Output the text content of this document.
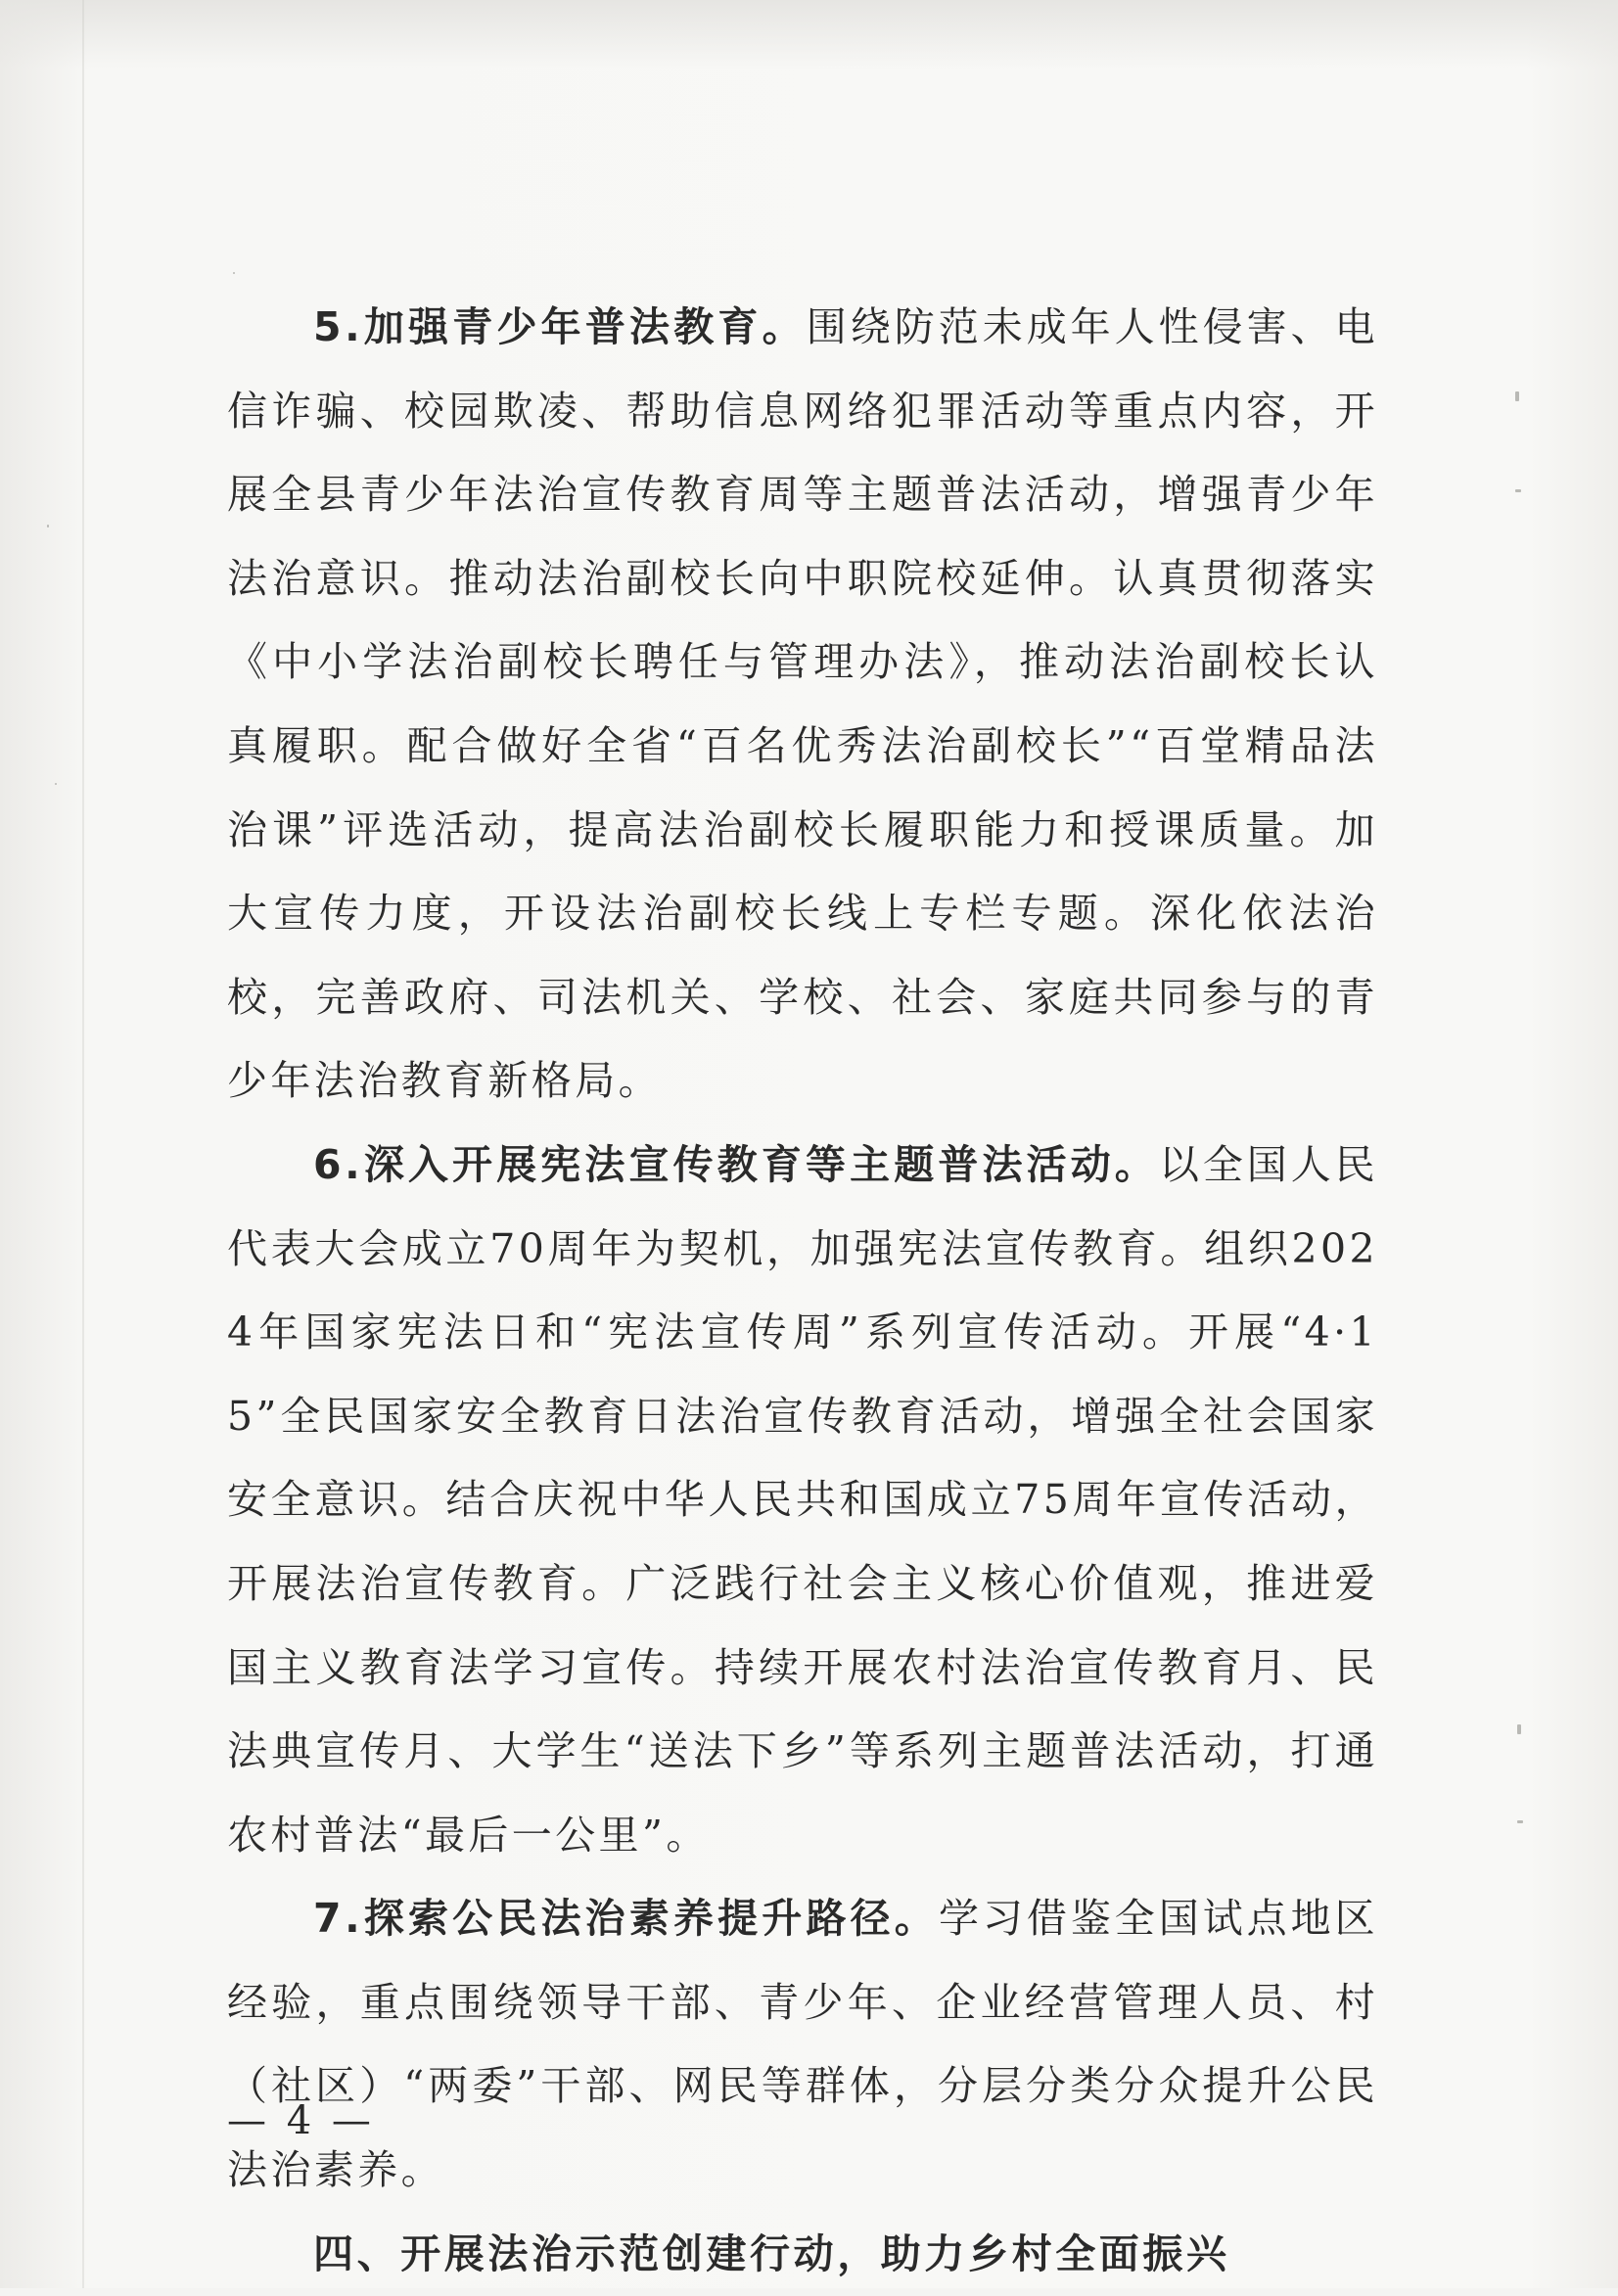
5.加强青少年普法教育。围绕防范未成年人性侵害、电信诈骗、校园欺凌、帮助信息网络犯罪活动等重点内容，开展全县青少年法治宣传教育周等主题普法活动，增强青少年法治意识。推动法治副校长向中职院校延伸。认真贯彻落实《中小学法治副校长聘任与管理办法》，推动法治副校长认真履职。配合做好全省“百名优秀法治副校长”“百堂精品法治课”评选活动，提高法治副校长履职能力和授课质量。加大宣传力度，开设法治副校长线上专栏专题。深化依法治校，完善政府、司法机关、学校、社会、家庭共同参与的青少年法治教育新格局。

6.深入开展宪法宣传教育等主题普法活动。以全国人民代表大会成立70周年为契机，加强宪法宣传教育。组织2024年国家宪法日和“宪法宣传周”系列宣传活动。开展“4·15”全民国家安全教育日法治宣传教育活动，增强全社会国家安全意识。结合庆祝中华人民共和国成立75周年宣传活动，开展法治宣传教育。广泛践行社会主义核心价值观，推进爱国主义教育法学习宣传。持续开展农村法治宣传教育月、民法典宣传月、大学生“送法下乡”等系列主题普法活动，打通农村普法“最后一公里”。

7.探索公民法治素养提升路径。学习借鉴全国试点地区经验，重点围绕领导干部、青少年、企业经营管理人员、村（社区）“两委”干部、网民等群体，分层分类分众提升公民法治素养。

四、开展法治示范创建行动，助力乡村全面振兴

— 4 —
